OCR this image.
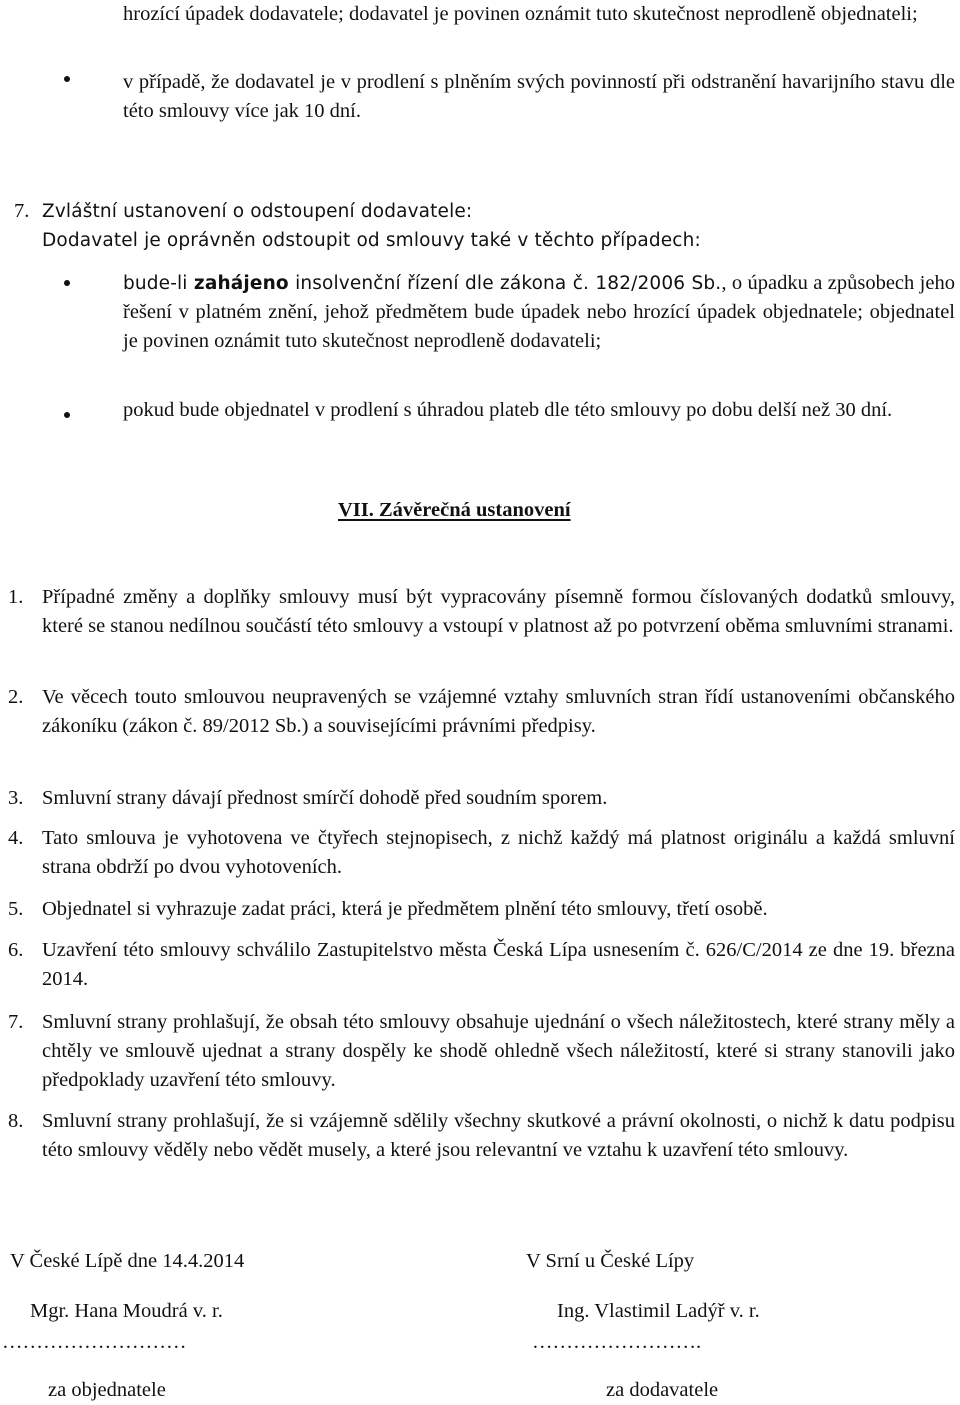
hrozící úpadek dodavatele; dodavatel je povinen oznámit tuto skutečnost neprodleně objednateli;
v případě, že dodavatel je v prodlení s plněním svých povinností při odstranění havarijního stavu dle této smlouvy více jak 10 dní.
7. Zvláštní ustanovení o odstoupení dodavatele:
Dodavatel je oprávněn odstoupit od smlouvy také v těchto případech:
bude-li zahájeno insolvenční řízení dle zákona č. 182/2006 Sb., o úpadku a způsobech jeho řešení v platném znění, jehož předmětem bude úpadek nebo hrozící úpadek objednatele; objednatel je povinen oznámit tuto skutečnost neprodleně dodavateli;
pokud bude objednatel v prodlení s úhradou plateb dle této smlouvy po dobu delší než 30 dní.
VII. Závěrečná ustanovení
1. Případné změny a doplňky smlouvy musí být vypracovány písemně formou číslovaných dodatků smlouvy, které se stanou nedílnou součástí této smlouvy a vstoupí v platnost až po potvrzení oběma smluvními stranami.
2. Ve věcech touto smlouvou neupravených se vzájemné vztahy smluvních stran řídí ustanoveními občanského zákoníku (zákon č. 89/2012 Sb.) a souvisejícími právními předpisy.
3. Smluvní strany dávají přednost smírčí dohodě před soudním sporem.
4. Tato smlouva je vyhotovena ve čtyřech stejnopisech, z nichž každý má platnost originálu a každá smluvní strana obdrží po dvou vyhotoveních.
5. Objednatel si vyhrazuje zadat práci, která je předmětem plnění této smlouvy, třetí osobě.
6. Uzavření této smlouvy schválilo Zastupitelstvo města Česká Lípa usnesením č. 626/C/2014 ze dne 19. března 2014.
7. Smluvní strany prohlašují, že obsah této smlouvy obsahuje ujednání o všech náležitostech, které strany měly a chtěly ve smlouvě ujednat a strany dospěly ke shodě ohledně všech náležitostí, které si strany stanovili jako předpoklady uzavření této smlouvy.
8. Smluvní strany prohlašují, že si vzájemně sdělily všechny skutkové a právní okolnosti, o nichž k datu podpisu této smlouvy věděly nebo vědět musely, a které jsou relevantní ve vztahu k uzavření této smlouvy.
V České Lípě dne 14.4.2014	V Srní u České Lípy
Mgr. Hana Moudrá v. r.	Ing. Vlastimil Ladýř v. r.
………………………	…………………….
za objednatele	za dodavatele
